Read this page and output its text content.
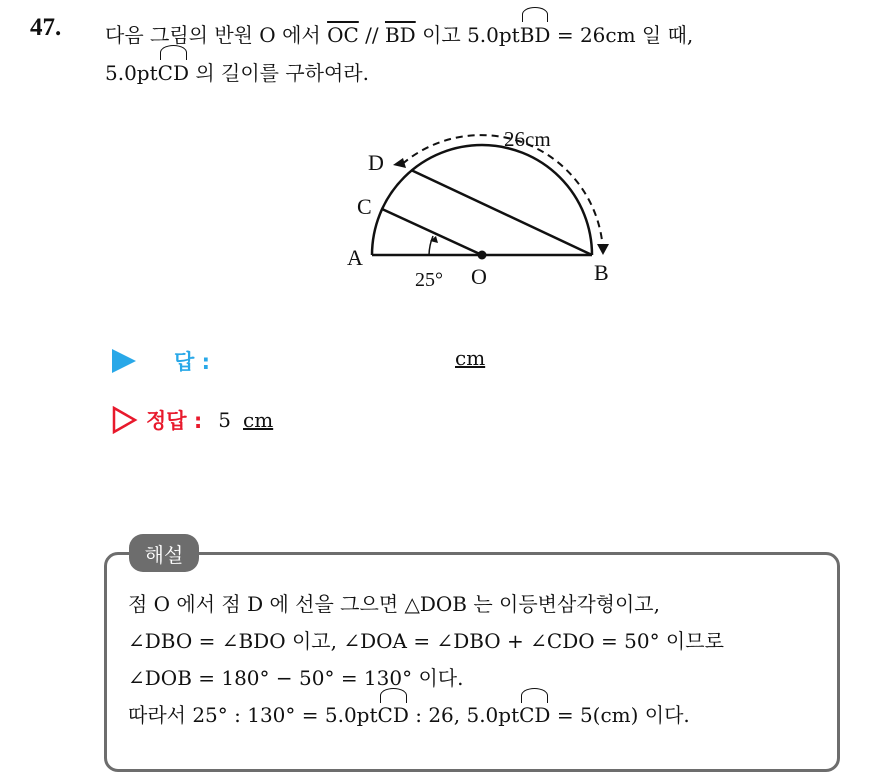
47. 다음 그림의 반원 O 에서 $\overline{OC} // \overline{BD}$ 이고 5.0ptBD = 26cm 일 때,
5.0ptCD 의 길이를 구하여라.
A
B
C
D
O
25°
26cm
답 :	cm
정답 : 5 cm
해설
점 O 에서 점 D 에 선을 그으면 △DOB 는 이등변삼각형이고,
∠DBO = ∠BDO 이고, ∠DOA = ∠DBO + ∠CDO = 50° 이므로
∠DOB = 180° − 50° = 130° 이다.
따라서 25° : 130° = 5.0ptCD : 26, 5.0ptCD = 5(cm) 이다.
